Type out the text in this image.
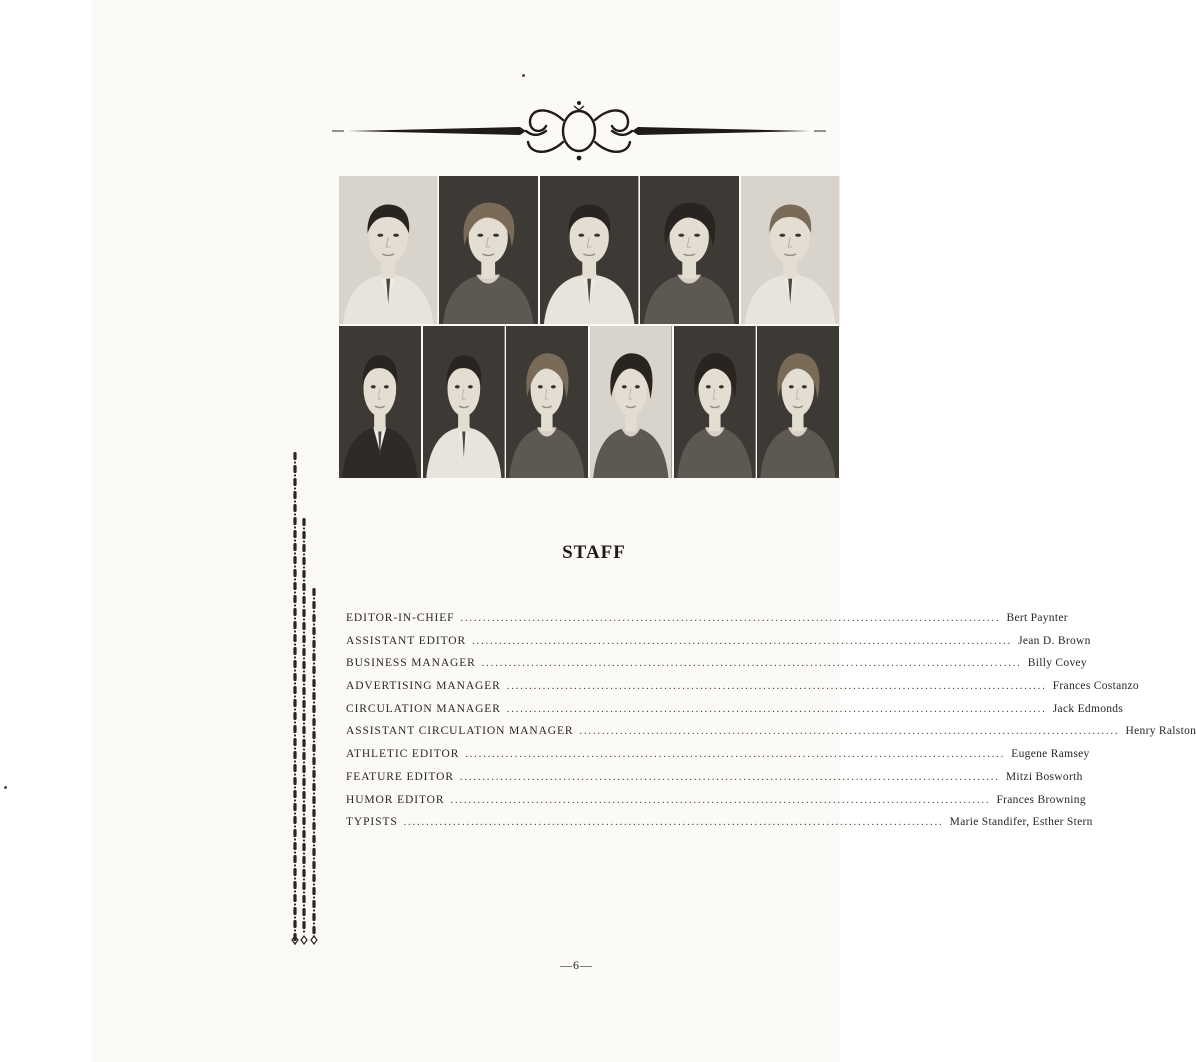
STAFF
EDITOR-IN-CHIEF ........................................................................................................................ Bert Paynter
ASSISTANT EDITOR ........................................................................................................................ Jean D. Brown
BUSINESS MANAGER ........................................................................................................................ Billy Covey
ADVERTISING MANAGER ........................................................................................................................ Frances Costanzo
CIRCULATION MANAGER ........................................................................................................................ Jack Edmonds
ASSISTANT CIRCULATION MANAGER ........................................................................................................................ Henry Ralston
ATHLETIC EDITOR ........................................................................................................................ Eugene Ramsey
FEATURE EDITOR ........................................................................................................................ Mitzi Bosworth
HUMOR EDITOR ........................................................................................................................ Frances Browning
TYPISTS ........................................................................................................................ Marie Standifer, Esther Stern
—6—
